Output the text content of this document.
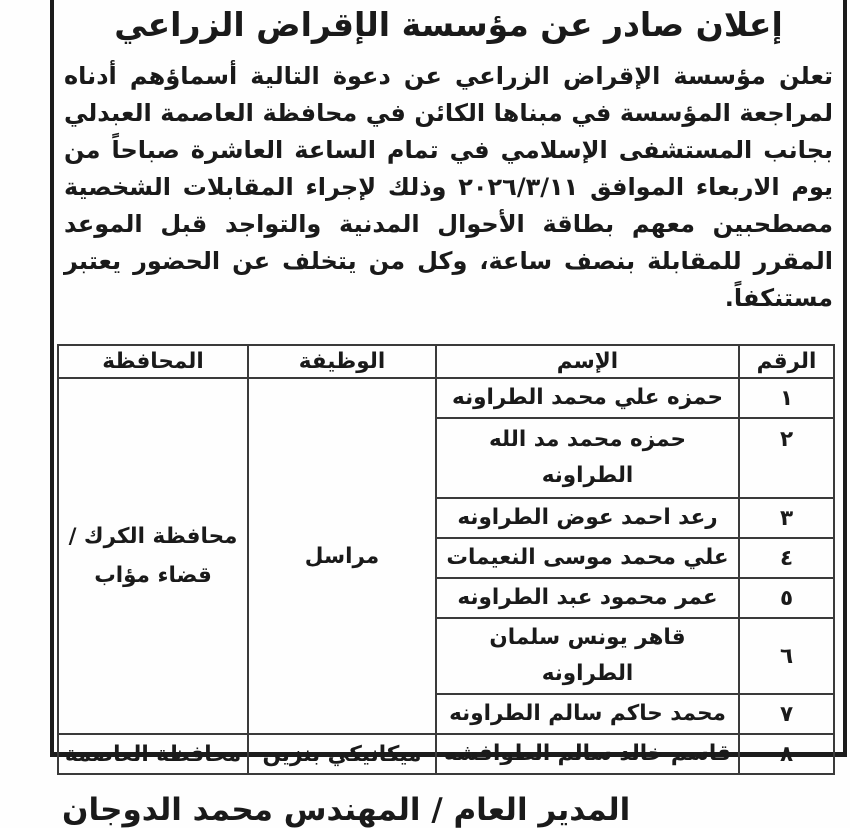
إعلان صادر عن مؤسسة الإقراض الزراعي
تعلن مؤسسة الإقراض الزراعي عن دعوة التالية أسماؤهم أدناه لمراجعة المؤسسة في مبناها الكائن في محافظة العاصمة العبدلي بجانب المستشفى الإسلامي في تمام الساعة العاشرة صباحاً من يوم الاربعاء الموافق ٢٠٢٦/٣/١١ وذلك لإجراء المقابلات الشخصية مصطحبين معهم بطاقة الأحوال المدنية والتواجد قبل الموعد المقرر للمقابلة بنصف ساعة، وكل من يتخلف عن الحضور يعتبر مستنكفاً.
الرقم	الإسم	الوظيفة	المحافظة
١	حمزه علي محمد الطراونه	مراسل	محافظة الكرك /
قضاء مؤاب

٢	حمزه محمد مد الله
الطراونه		

٣	رعد احمد عوض الطراونه		

٤	علي محمد موسى النعيمات		

٥	عمر محمود عبد الطراونه		

٦	قاهر يونس سلمان الطراونه		

٧	محمد حاكم سالم الطراونه		

٨	قاسم خالد سالم الطوافشه	ميكانيكي بنزين	محافظة العاصمة
المدير العام / المهندس محمد الدوجان
